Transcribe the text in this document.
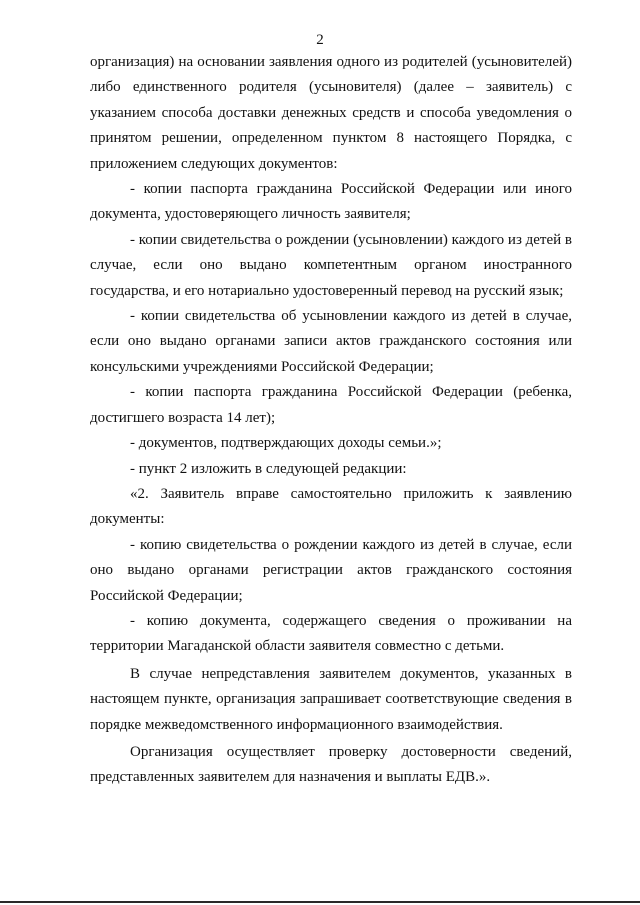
2

организация) на основании заявления одного из родителей (усыновителей) либо единственного родителя (усыновителя) (далее – заявитель) с указанием способа доставки денежных средств и способа уведомления о принятом решении, определенном пунктом 8 настоящего Порядка, с приложением следующих документов:

- копии паспорта гражданина Российской Федерации или иного документа, удостоверяющего личность заявителя;

- копии свидетельства о рождении (усыновлении) каждого из детей в случае, если оно выдано компетентным органом иностранного государства, и его нотариально удостоверенный перевод на русский язык;

- копии свидетельства об усыновлении каждого из детей в случае, если оно выдано органами записи актов гражданского состояния или консульскими учреждениями Российской Федерации;

- копии паспорта гражданина Российской Федерации (ребенка, достигшего возраста 14 лет);

- документов, подтверждающих доходы семьи.»;

- пункт 2 изложить в следующей редакции:

«2. Заявитель вправе самостоятельно приложить к заявлению документы:

- копию свидетельства о рождении каждого из детей в случае, если оно выдано органами регистрации актов гражданского состояния Российской Федерации;

- копию документа, содержащего сведения о проживании на территории Магаданской области заявителя совместно с детьми.

В случае непредставления заявителем документов, указанных в настоящем пункте, организация запрашивает соответствующие сведения в порядке межведомственного информационного взаимодействия.

Организация осуществляет проверку достоверности сведений, представленных заявителем для назначения и выплаты ЕДВ.».
